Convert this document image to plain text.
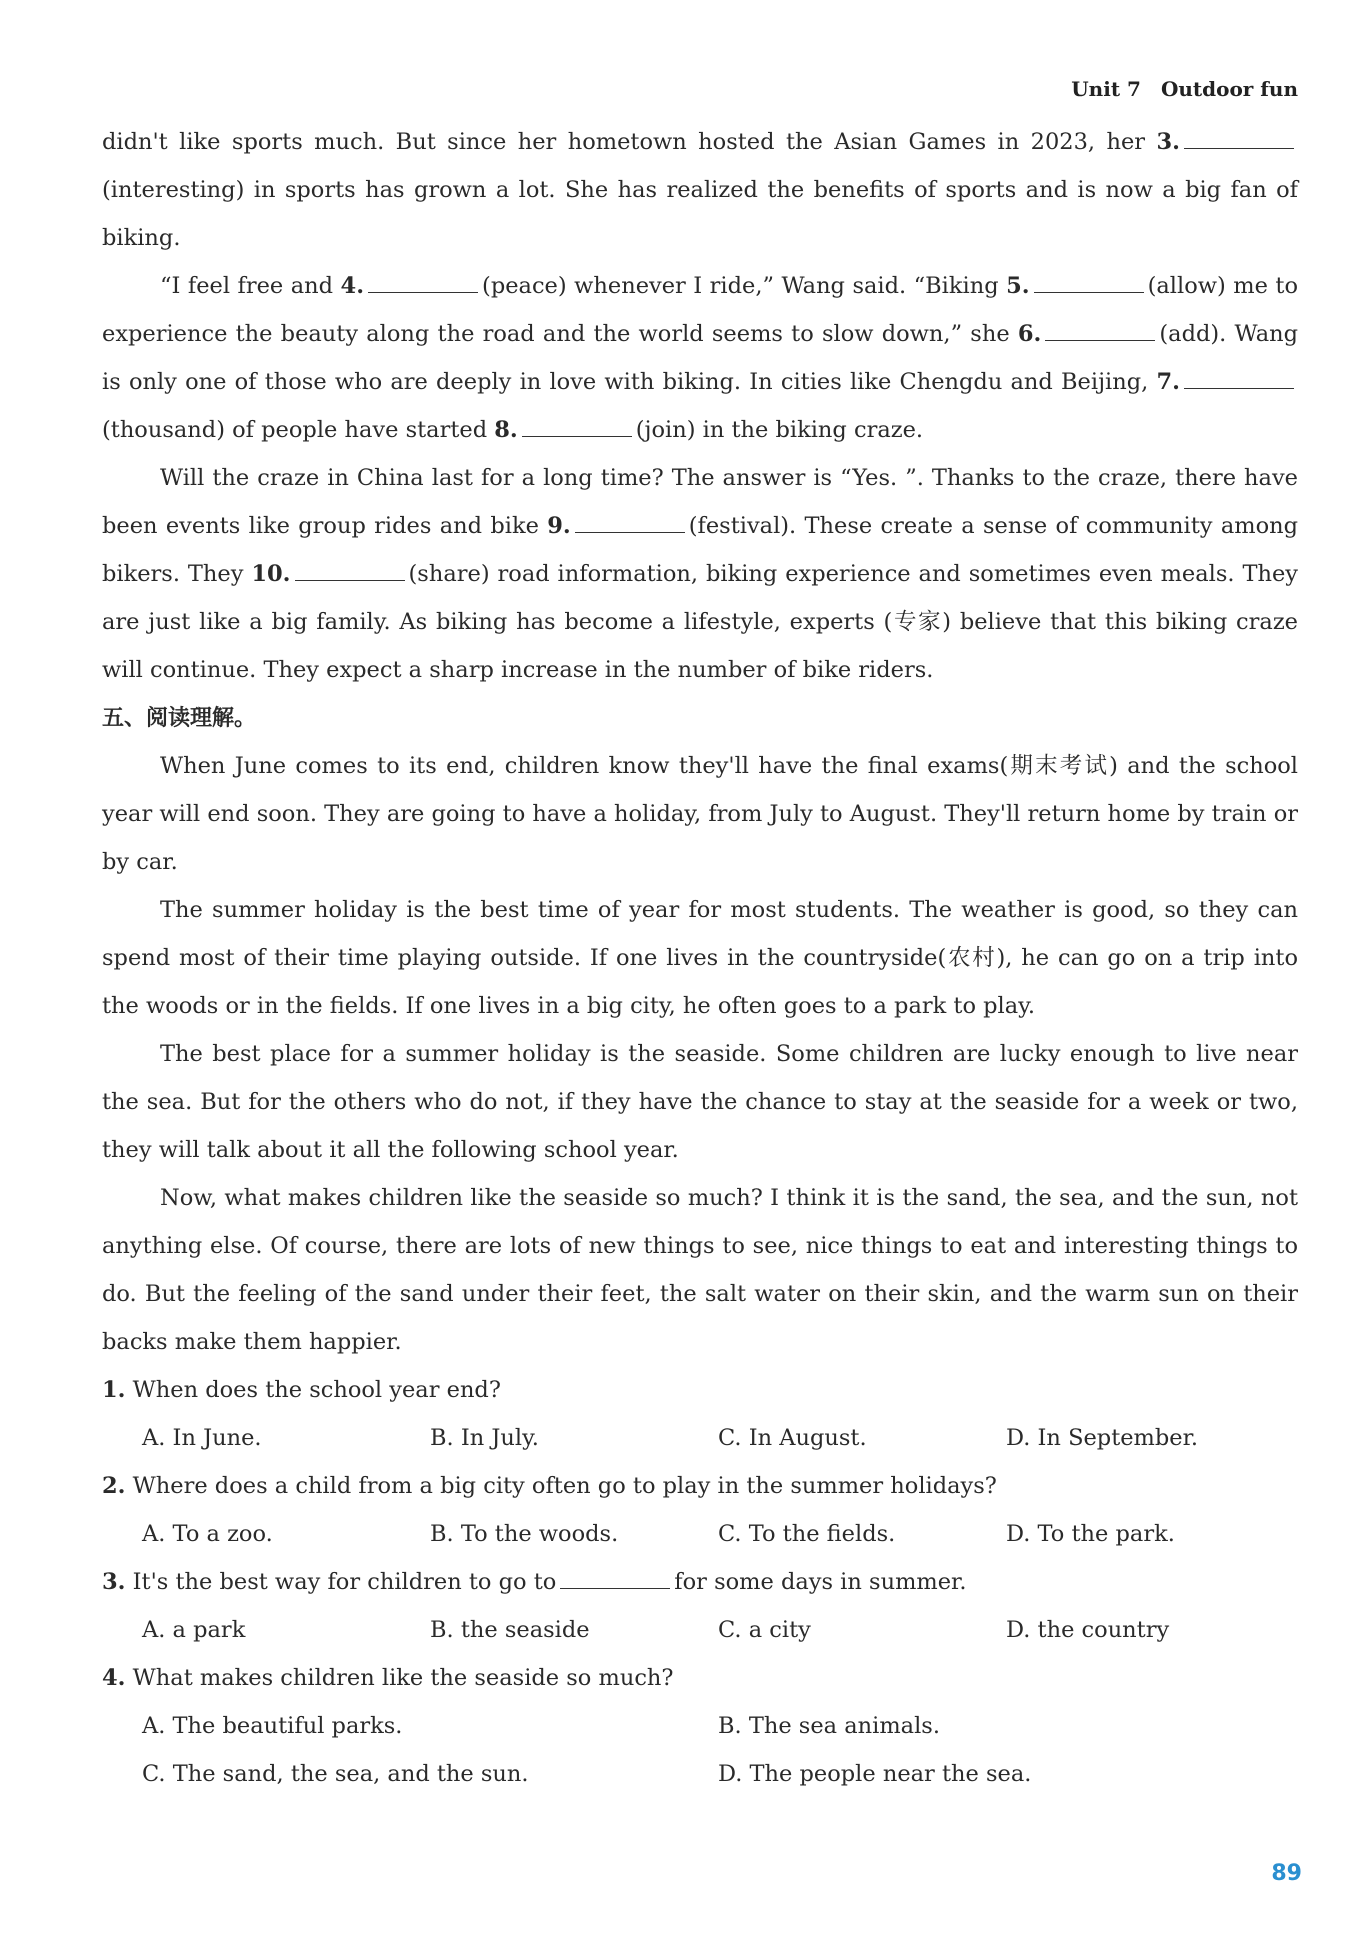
Unit 7 Outdoor fun

didn't like sports much. But since her hometown hosted the Asian Games in 2023, her 3.(interesting) in sports has grown a lot. She has realized the benefits of sports and is now a big fan of biking.

“I feel free and 4.	(peace) whenever I ride,” Wang said. “Biking 5.	(allow) me to experience the beauty along the road and the world seems to slow down,” she 6.	(add). Wang is only one of those who are deeply in love with biking. In cities like Chengdu and Beijing, 7.(thousand) of people have started 8.	(join) in the biking craze.

Will the craze in China last for a long time? The answer is “Yes. ”. Thanks to the craze, there have been events like group rides and bike 9.	(festival). These create a sense of community among bikers. They 10.	(share) road information, biking experience and sometimes even meals. They are just like a big family. As biking has become a lifestyle, experts (专家) believe that this biking craze will continue. They expect a sharp increase in the number of bike riders.

五、阅读理解。

When June comes to its end, children know they'll have the final exams(期末考试) and the school year will end soon. They are going to have a holiday, from July to August. They'll return home by train or by car.

The summer holiday is the best time of year for most students. The weather is good, so they can spend most of their time playing outside. If one lives in the countryside(农村), he can go on a trip into the woods or in the fields. If one lives in a big city, he often goes to a park to play.

The best place for a summer holiday is the seaside. Some children are lucky enough to live near the sea. But for the others who do not, if they have the chance to stay at the seaside for a week or two, they will talk about it all the following school year.

Now, what makes children like the seaside so much? I think it is the sand, the sea, and the sun, not anything else. Of course, there are lots of new things to see, nice things to eat and interesting things to do. But the feeling of the sand under their feet, the salt water on their skin, and the warm sun on their backs make them happier.

1. When does the school year end?

A. In June.	B. In July.	C. In August.	D. In September.

2. Where does a child from a big city often go to play in the summer holidays?

A. To a zoo.	B. To the woods.	C. To the fields.	D. To the park.

3. It's the best way for children to go to	for some days in summer.

A. a park	B. the seaside	C. a city	D. the country

4. What makes children like the seaside so much?

A. The beautiful parks.	B. The sea animals.
C. The sand, the sea, and the sun.	D. The people near the sea.
89
